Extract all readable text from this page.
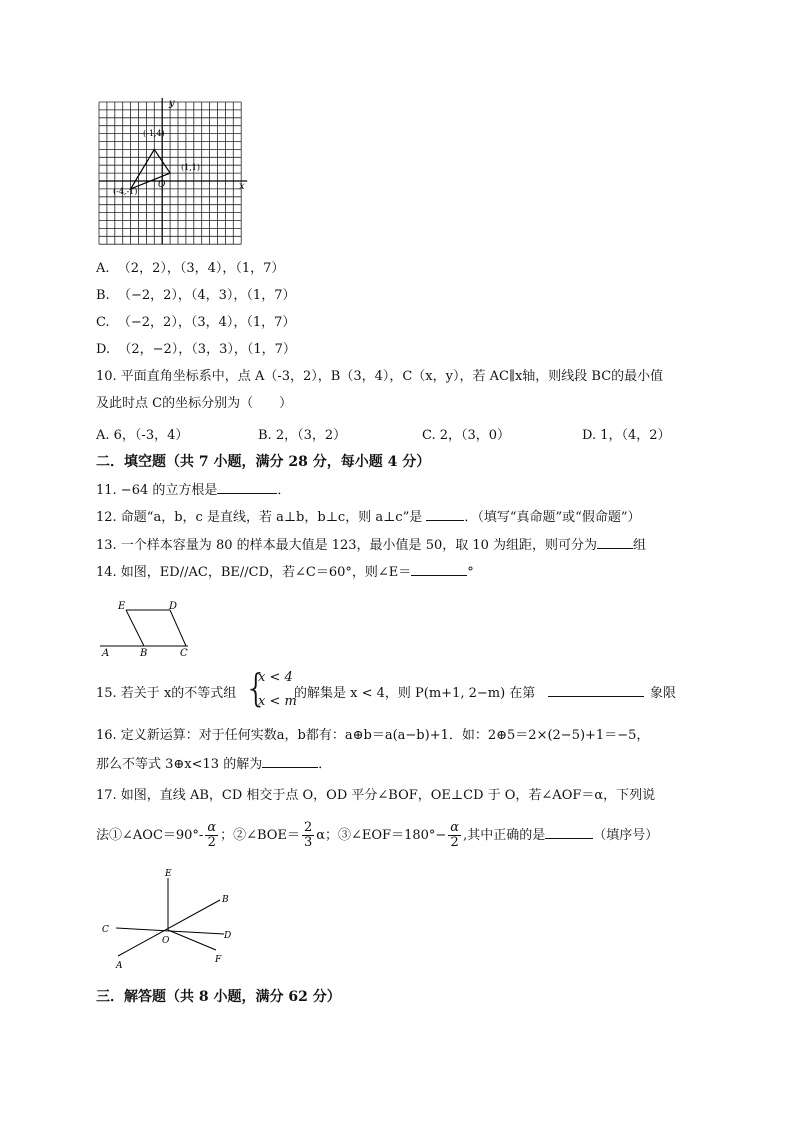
x
y
O
(-1,4)
(1,1)
(-4,-1)
A. （2，2），（3，4），（1，7）
B. （−2，2），（4，3），（1，7）
C. （−2，2），（3，4），（1，7）
D. （2，−2），（3，3），（1，7）
10. 平面直角坐标系中，点 A（-3，2），B（3，4），C（x，y），若 AC∥x轴，则线段 BC的最小值
及此时点 C的坐标分别为（　　）
A. 6，（-3，4）	B. 2，（3，2）	C. 2，（3，0）	D. 1，（4，2）
二．填空题（共 7 小题，满分 28 分，每小题 4 分）
11. −64 的立方根是	．
12. 命题“a，b，c 是直线，若 a⊥b，b⊥c，则 a⊥c”是	．（填写“真命题”或“假命题”）
13. 一个样本容量为 80 的样本最大值是 123，最小值是 50，取 10 为组距，则可分为	组
14. 如图，ED//AC，BE//CD，若∠C＝60°，则∠E＝	°
E	D
A	B	C
15. 若关于 x的不等式组 {
x < 4
x < m
的解集是 x < 4，则 P(m+1, 2−m) 在第	象限
16. 定义新运算：对于任何实数a，b都有：a⊕b＝a(a−b)+1．如：2⊕5＝2×(2−5)+1＝−5，
那么不等式 3⊕x<13 的解为	．
17. 如图，直线 AB，CD 相交于点 O，OD 平分∠BOF，OE⊥CD 于 O，若∠AOF＝α，下列说
法①∠AOC＝90°- $\frac{\alpha}{2}$ ；②∠BOE＝ $\frac{2}{3}$ α；③∠EOF＝180°− $\frac{\alpha}{2}$ ,其中正确的是	（填序号）
E
B
C
O	D
A
F
三．解答题（共 8 小题，满分 62 分）
